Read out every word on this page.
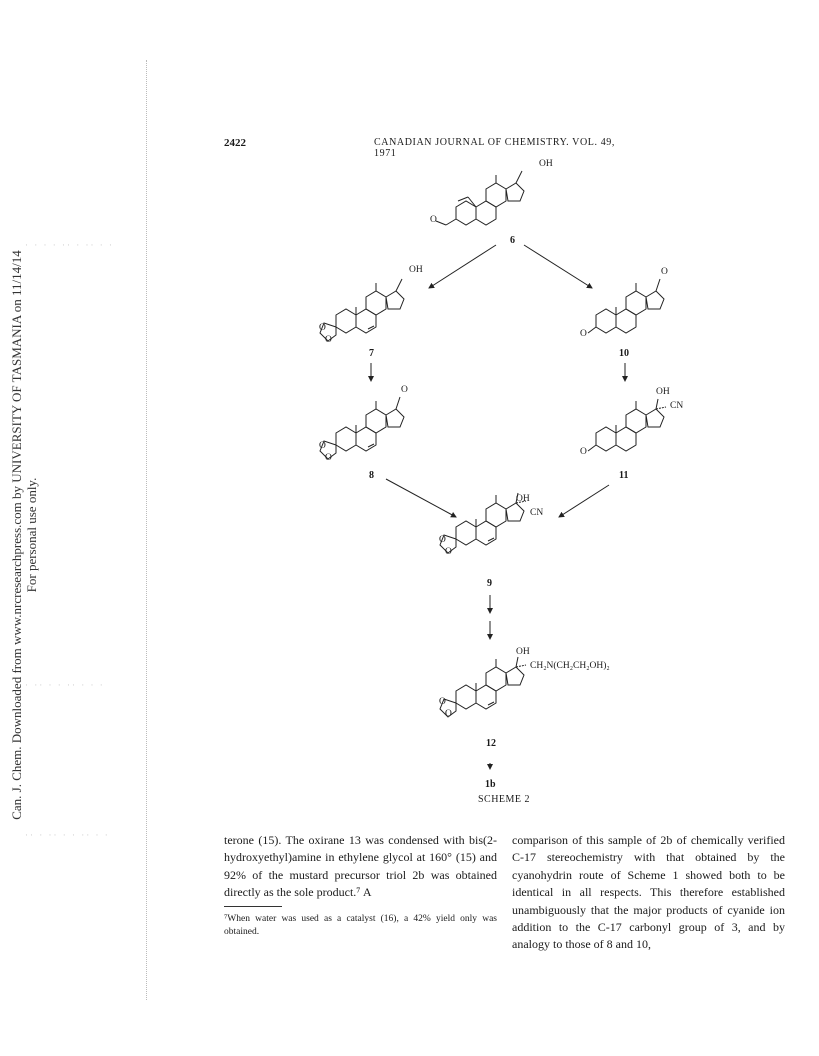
Can. J. Chem. Downloaded from www.nrcresearchpress.com by UNIVERSITY OF TASMANIA on 11/14/14
For personal use only.
· · · · ·· · ·· · ·
· ·· · · ·· · · ·
·· · ·· · · ·· · ·
2422	CANADIAN JOURNAL OF CHEMISTRY. VOL. 49, 1971
OH
O
6
OH
O
O
7
O
O
10
O
O
O
8
OH
CN
O
11
OH
CN
O
O
9
OH
CH₂N(CH₂CH₂OH)₂
O
O
12
1b
SCHEME 2
terone (15). The oxirane 13 was condensed with bis(2-hydroxyethyl)amine in ethylene glycol at 160° (15) and 92% of the mustard precursor triol 2b was obtained directly as the sole product.⁷ A
⁷When water was used as a catalyst (16), a 42% yield only was obtained.
comparison of this sample of 2b of chemically verified C-17 stereochemistry with that obtained by the cyanohydrin route of Scheme 1 showed both to be identical in all respects. This therefore established unambiguously that the major products of cyanide ion addition to the C-17 carbonyl group of 3, and by analogy to those of 8 and 10,
